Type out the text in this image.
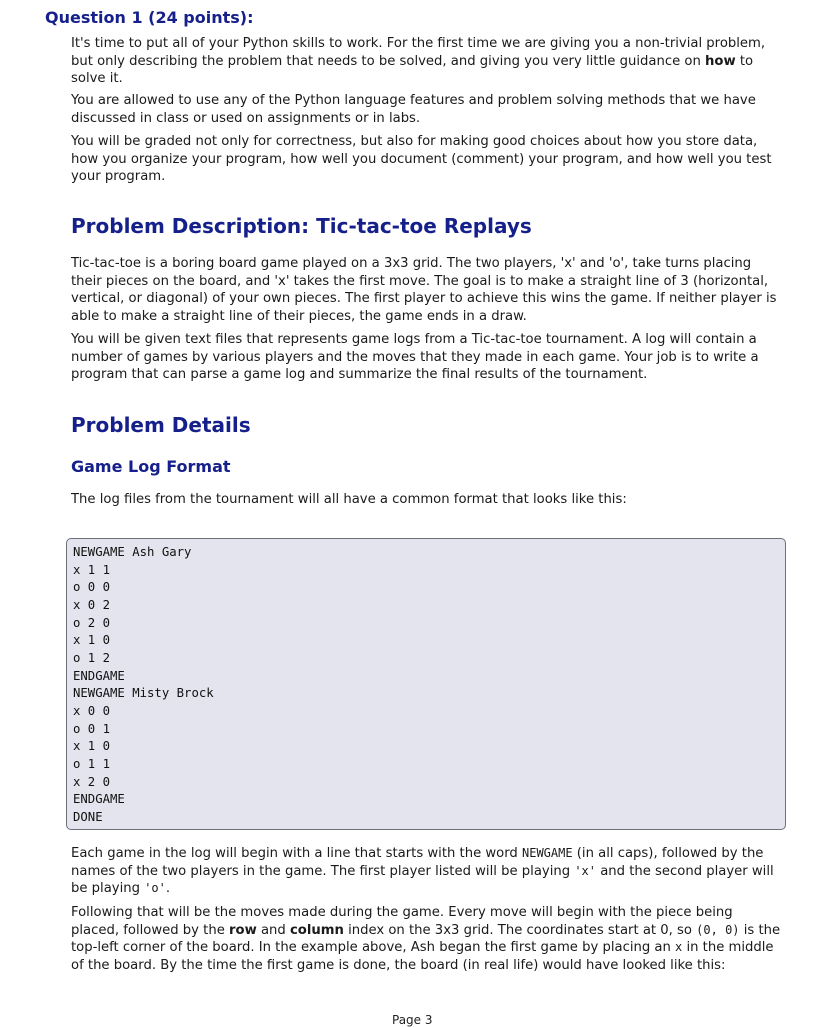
Question 1 (24 points):

It's time to put all of your Python skills to work. For the first time we are giving you a non-trivial problem, but only describing the problem that needs to be solved, and giving you very little guidance on how to solve it.

You are allowed to use any of the Python language features and problem solving methods that we have discussed in class or used on assignments or in labs.

You will be graded not only for correctness, but also for making good choices about how you store data, how you organize your program, how well you document (comment) your program, and how well you test your program.

Problem Description: Tic-tac-toe Replays

Tic-tac-toe is a boring board game played on a 3x3 grid. The two players, 'x' and 'o', take turns placing their pieces on the board, and 'x' takes the first move. The goal is to make a straight line of 3 (horizontal, vertical, or diagonal) of your own pieces. The first player to achieve this wins the game. If neither player is able to make a straight line of their pieces, the game ends in a draw.

You will be given text files that represents game logs from a Tic-tac-toe tournament. A log will contain a number of games by various players and the moves that they made in each game. Your job is to write a program that can parse a game log and summarize the final results of the tournament.

Problem Details
Game Log Format

The log files from the tournament will all have a common format that looks like this:

NEWGAME Ash Gary
x 1 1
o 0 0
x 0 2
o 2 0
x 1 0
o 1 2
ENDGAME
NEWGAME Misty Brock
x 0 0
o 0 1
x 1 0
o 1 1
x 2 0
ENDGAME
DONE

Each game in the log will begin with a line that starts with the word NEWGAME (in all caps), followed by the names of the two players in the game. The first player listed will be playing 'x' and the second player will be playing 'o'.

Following that will be the moves made during the game. Every move will begin with the piece being placed, followed by the row and column index on the 3x3 grid. The coordinates start at 0, so (0, 0) is the top-left corner of the board. In the example above, Ash began the first game by placing an x in the middle of the board. By the time the first game is done, the board (in real life) would have looked like this:

Page 3
